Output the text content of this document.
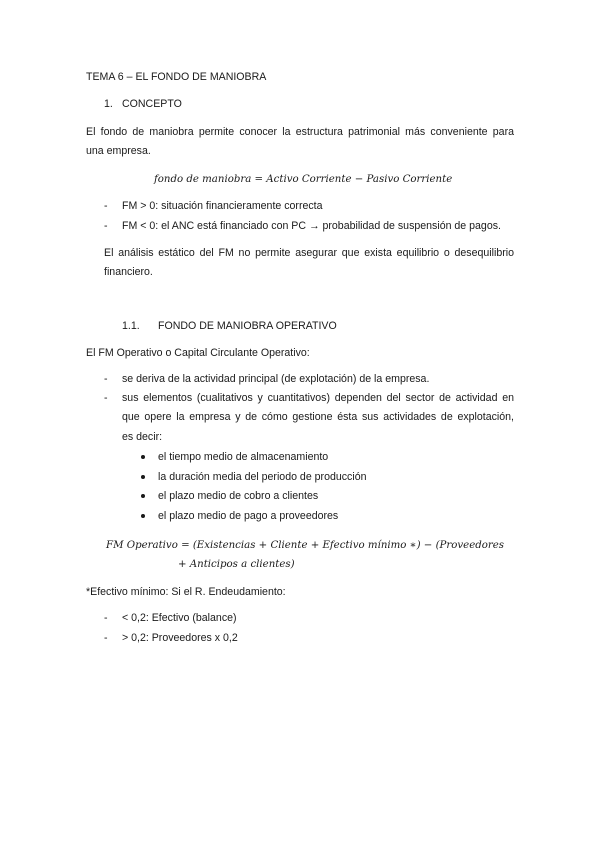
TEMA 6 – EL FONDO DE MANIOBRA
1. CONCEPTO
El fondo de maniobra permite conocer la estructura patrimonial más conveniente para
una empresa.
fondo de maniobra = Activo Corriente − Pasivo Corriente
- FM > 0: situación financieramente correcta
- FM < 0: el ANC está financiado con PC → probabilidad de suspensión de pagos.
El análisis estático del FM no permite asegurar que exista equilibrio o desequilibrio
financiero.
1.1. FONDO DE MANIOBRA OPERATIVO
El FM Operativo o Capital Circulante Operativo:
- se deriva de la actividad principal (de explotación) de la empresa.
- sus elementos (cualitativos y cuantitativos) dependen del sector de actividad en
que opere la empresa y de cómo gestione ésta sus actividades de explotación,
es decir:
el tiempo medio de almacenamiento
la duración media del periodo de producción
el plazo medio de cobro a clientes
el plazo medio de pago a proveedores
FM Operativo = (Existencias + Cliente + Efectivo mínimo ∗) − (Proveedores
+ Anticipos a clientes)
*Efectivo mínimo: Si el R. Endeudamiento:
- < 0,2: Efectivo (balance)
- > 0,2: Proveedores x 0,2
